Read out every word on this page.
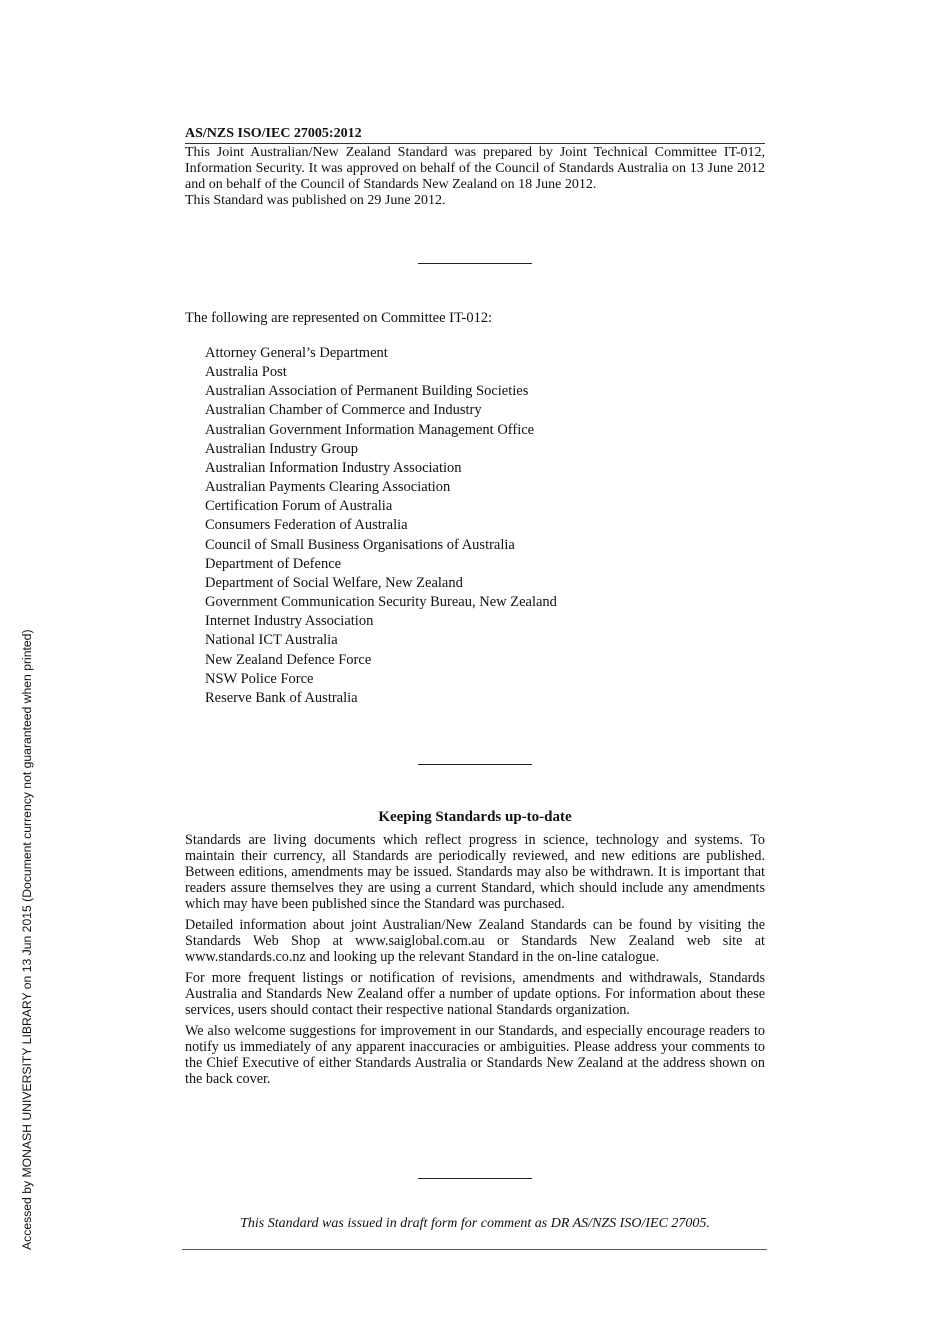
AS/NZS ISO/IEC 27005:2012

This Joint Australian/New Zealand Standard was prepared by Joint Technical Committee IT-012, Information Security. It was approved on behalf of the Council of Standards Australia on 13 June 2012 and on behalf of the Council of Standards New Zealand on 18 June 2012.

This Standard was published on 29 June 2012.

The following are represented on Committee IT-012:
Attorney General’s Department
Australia Post
Australian Association of Permanent Building Societies
Australian Chamber of Commerce and Industry
Australian Government Information Management Office
Australian Industry Group
Australian Information Industry Association
Australian Payments Clearing Association
Certification Forum of Australia
Consumers Federation of Australia
Council of Small Business Organisations of Australia
Department of Defence
Department of Social Welfare, New Zealand
Government Communication Security Bureau, New Zealand
Internet Industry Association
National ICT Australia
New Zealand Defence Force
NSW Police Force
Reserve Bank of Australia
Keeping Standards up-to-date

Standards are living documents which reflect progress in science, technology and systems. To maintain their currency, all Standards are periodically reviewed, and new editions are published. Between editions, amendments may be issued. Standards may also be withdrawn. It is important that readers assure themselves they are using a current Standard, which should include any amendments which may have been published since the Standard was purchased.

Detailed information about joint Australian/New Zealand Standards can be found by visiting the Standards Web Shop at www.saiglobal.com.au or Standards New Zealand web site at www.standards.co.nz and looking up the relevant Standard in the on-line catalogue.

For more frequent listings or notification of revisions, amendments and withdrawals, Standards Australia and Standards New Zealand offer a number of update options. For information about these services, users should contact their respective national Standards organization.

We also welcome suggestions for improvement in our Standards, and especially encourage readers to notify us immediately of any apparent inaccuracies or ambiguities. Please address your comments to the Chief Executive of either Standards Australia or Standards New Zealand at the address shown on the back cover.

This Standard was issued in draft form for comment as DR AS/NZS ISO/IEC 27005.
Accessed by MONASH UNIVERSITY LIBRARY on 13 Jun 2015 (Document currency not guaranteed when printed)
